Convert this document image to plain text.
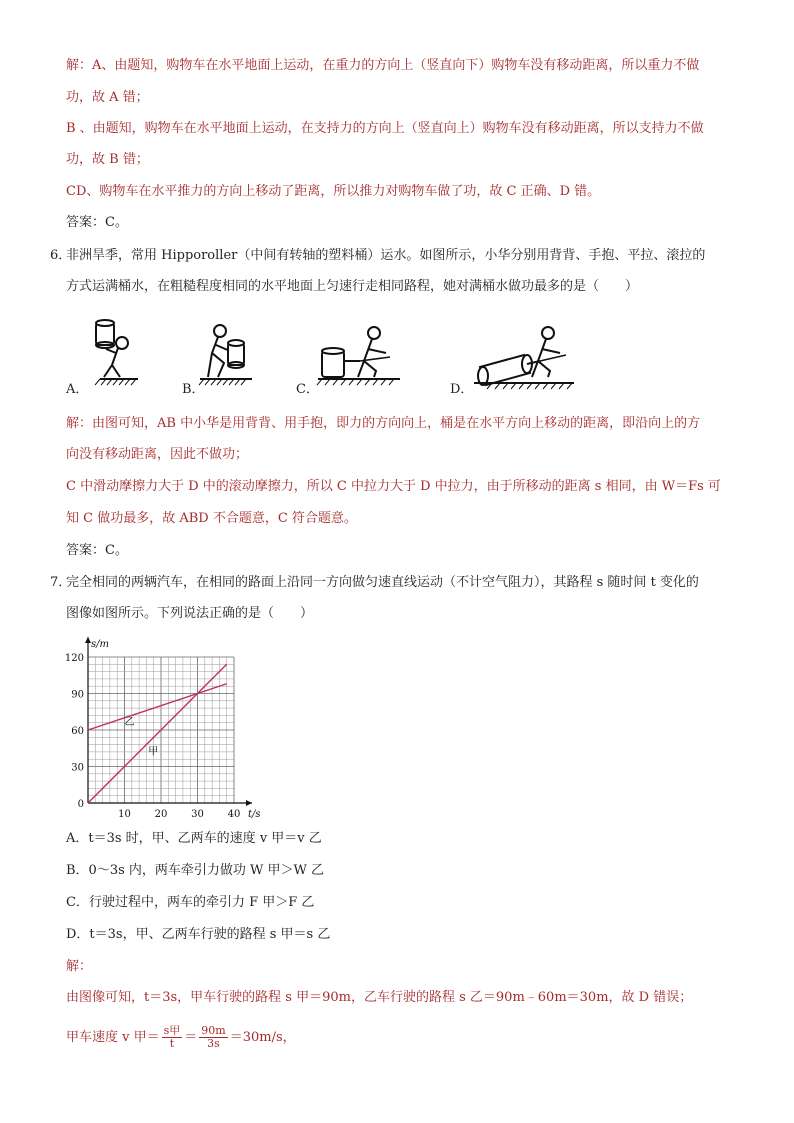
解：A、由题知，购物车在水平地面上运动，在重力的方向上（竖直向下）购物车没有移动距离，所以重力不做
功，故 A 错；
B 、由题知，购物车在水平地面上运动，在支持力的方向上（竖直向上）购物车没有移动距离，所以支持力不做
功，故 B 错；
CD、购物车在水平推力的方向上移动了距离，所以推力对购物车做了功，故 C 正确、D 错。
答案：C。
6．
非洲旱季，常用 Hipporoller（中间有转轴的塑料桶）运水。如图所示，小华分别用背背、手抱、平拉、滚拉的
方式运满桶水，在粗糙程度相同的水平地面上匀速行走相同路程，她对满桶水做功最多的是（　　）
A．	B．	C．	D．
解：由图可知，AB 中小华是用背背、用手抱，即力的方向向上，桶是在水平方向上移动的距离，即沿向上的方
向没有移动距离，因此不做功；
C 中滑动摩擦力大于 D 中的滚动摩擦力，所以 C 中拉力大于 D 中拉力，由于所移动的距离 s 相同，由 W＝Fs 可
知 C 做功最多，故 ABD 不合题意，C 符合题意。
答案：C。
7．
完全相同的两辆汽车，在相同的路面上沿同一方向做匀速直线运动（不计空气阻力），其路程 s 随时间 t 变化的
图像如图所示。下列说法正确的是（　　）
10 20 30 40
0
30
60
90
120
t/s
s/m
甲
乙
A．t＝3s 时，甲、乙两车的速度 v 甲＝v 乙
B．0～3s 内，两车牵引力做功 W 甲＞W 乙
C．行驶过程中，两车的牵引力 F 甲＞F 乙
D．t＝3s，甲、乙两车行驶的路程 s 甲＝s 乙
解：
由图像可知，t＝3s，甲车行驶的路程 s 甲＝90m，乙车行驶的路程 s 乙＝90m﹣60m＝30m，故 D 错误；
甲车速度 v 甲＝ $\frac{\text{s甲}}{t} = \frac{90m}{3s} =30m/s$，
